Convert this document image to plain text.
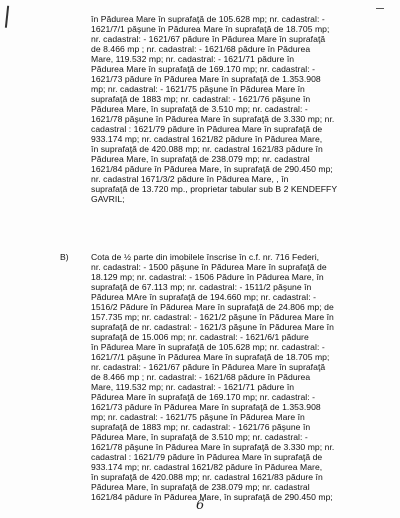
în Pădurea Mare în suprafaţă de 105.628 mp; nr. cadastral: -
1621/7/1 păşune în Pădurea Mare în suprafaţă de 18.705 mp;
nr. cadastral: - 1621/67 pădure în Pădurea Mare în suprafaţă
de 8.466 mp ; nr. cadastral: - 1621/68 pădure în Pădurea
Mare, 119.532 mp; nr. cadastral: - 1621/71 pădure în
Pădurea Mare în suprafaţă de 169.170 mp; nr. cadastral: -
1621/73 pădure în Pădurea Mare în suprafaţă de 1.353.908
mp; nr. cadastral: - 1621/75 păşune în Pădurea Mare în
suprafaţă de 1883 mp; nr. cadastral: - 1621/76 păşune în
Pădurea Mare, în suprafaţă de 3.510 mp; nr. cadastral: -
1621/78 păşune în Pădurea Mare în suprafaţă de 3.330 mp; nr.
cadastral : 1621/79 pădure în Pădurea Mare în suprafaţă de
933.174 mp; nr. cadastral 1621/82 pădure în Pădurea Mare,
în suprafaţă de 420.088 mp; nr. cadastral 1621/83 pădure în
Pădurea Mare, în suprafaţă de 238.079 mp; nr. cadastral
1621/84 pădure în Pădurea Mare, în suprafaţă de 290.450 mp;
nr. cadastral 1671/3/2 pădure în Pădurea Mare, , în
suprafaţă de 13.720 mp., proprietar tabular sub B 2 KENDEFFY
GAVRIL;
B)	Cota de ½ parte din imobilele înscrise în c.f. nr. 716 Federi,
nr. cadastral: - 1500 păşune în Pădurea Mare în suprafaţă de
18.129 mp; nr. cadastral: - 1506 Pădure în Pădurea Mare, în
suprafaţă de 67.113 mp; nr. cadastral: - 1511/2 păşune în
Pădurea MAre în suprafaţă de 194.660 mp; nr. cadastral: -
1516/2 Pădure în Pădurea Mare în suprafaţă de 24.806 mp; de
157.735 mp; nr. cadastral: - 1621/2 păşune în Pădurea Mare în
suprafaţă de nr. cadastral: - 1621/3 păşune în Pădurea Mare în
suprafaţă de 15.006 mp; nr. cadastral: - 1621/6/1 pădure
în Pădurea Mare în suprafaţă de 105.628 mp; nr. cadastral: -
1621/7/1 păşune în Pădurea Mare în suprafaţă de 18.705 mp;
nr. cadastral: - 1621/67 pădure în Pădurea Mare în suprafaţă
de 8.466 mp ; nr. cadastral: - 1621/68 pădure în Pădurea
Mare, 119.532 mp; nr. cadastral: - 1621/71 pădure în
Pădurea Mare în suprafaţă de 169.170 mp; nr. cadastral: -
1621/73 pădure în Pădurea Mare în suprafaţă de 1.353.908
mp; nr. cadastral: - 1621/75 păşune în Pădurea Mare în
suprafaţă de 1883 mp; nr. cadastral: - 1621/76 păşune în
Pădurea Mare, în suprafaţă de 3.510 mp; nr. cadastral: -
1621/78 păşune în Pădurea Mare în suprafaţă de 3.330 mp; nr.
cadastral : 1621/79 pădure în Pădurea Mare în suprafaţă de
933.174 mp; nr. cadastral 1621/82 pădure în Pădurea Mare,
în suprafaţă de 420.088 mp; nr. cadastral 1621/83 pădure în
Pădurea Mare, în suprafaţă de 238.079 mp; nr. cadastral
1621/84 pădure în Pădurea Mare, în suprafaţă de 290.450 mp;
6
